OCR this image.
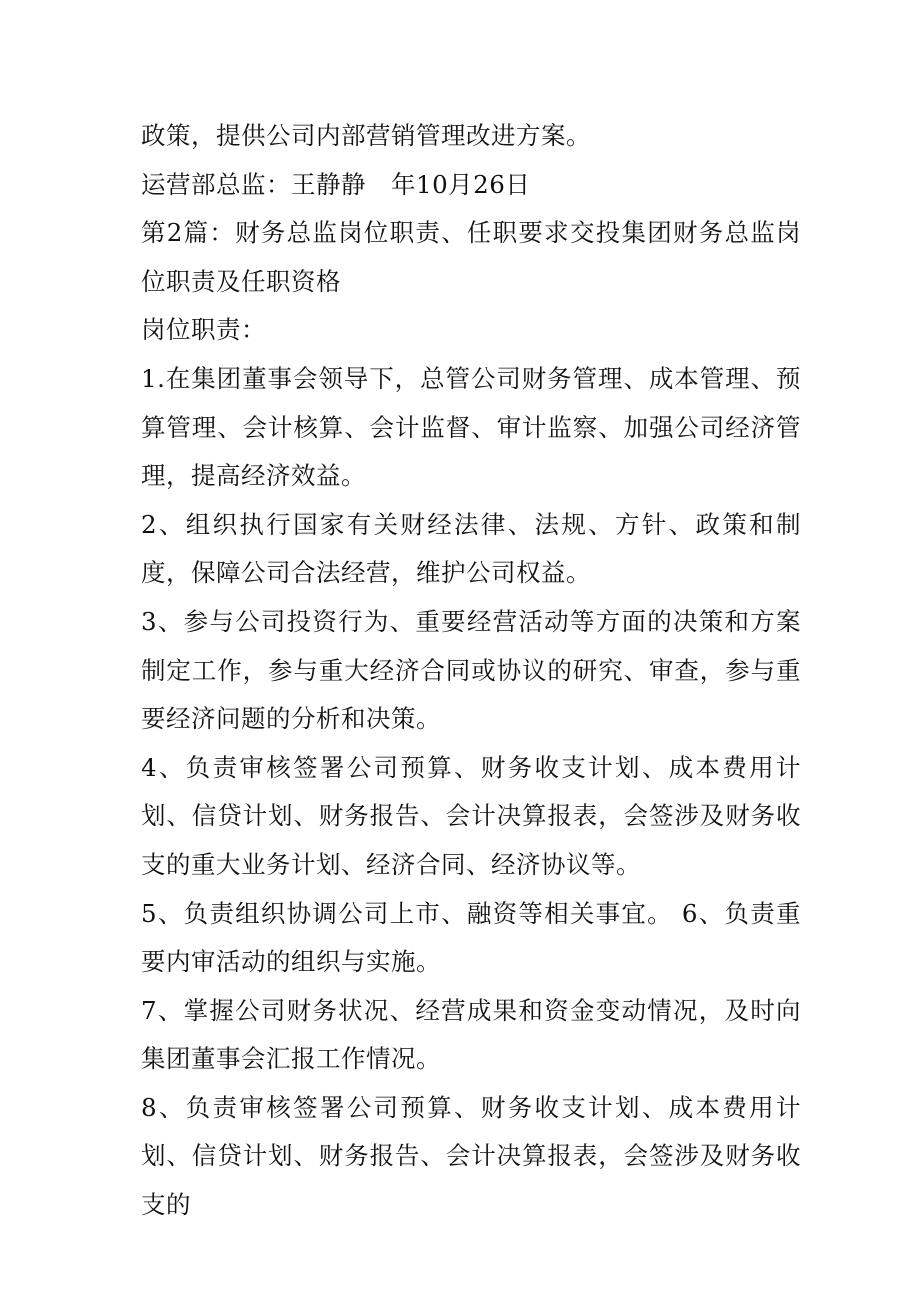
政策，提供公司内部营销管理改进方案。

运营部总监：王静静　年10月26日

第2篇：财务总监岗位职责、任职要求交投集团财务总监岗位职责及任职资格

岗位职责：

1.在集团董事会领导下，总管公司财务管理、成本管理、预算管理、会计核算、会计监督、审计监察、加强公司经济管理，提高经济效益。

2、组织执行国家有关财经法律、法规、方针、政策和制度，保障公司合法经营，维护公司权益。

3、参与公司投资行为、重要经营活动等方面的决策和方案制定工作，参与重大经济合同或协议的研究、审查，参与重要经济问题的分析和决策。

4、负责审核签署公司预算、财务收支计划、成本费用计划、信贷计划、财务报告、会计决算报表，会签涉及财务收支的重大业务计划、经济合同、经济协议等。

5、负责组织协调公司上市、融资等相关事宜。 6、负责重要内审活动的组织与实施。

7、掌握公司财务状况、经营成果和资金变动情况，及时向集团董事会汇报工作情况。

8、负责审核签署公司预算、财务收支计划、成本费用计划、信贷计划、财务报告、会计决算报表，会签涉及财务收支的
